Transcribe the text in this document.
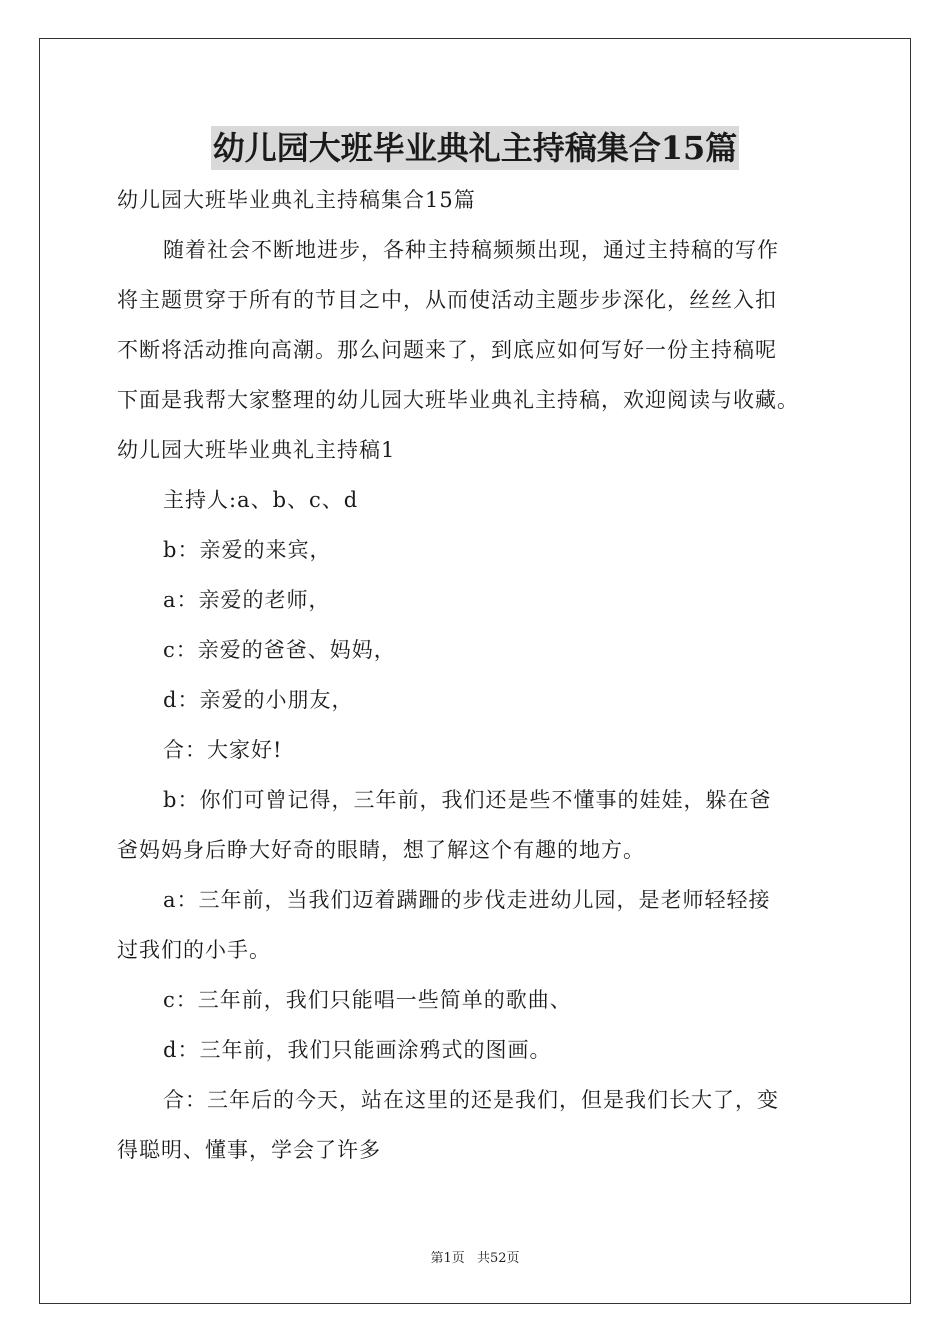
幼儿园大班毕业典礼主持稿集合15篇
幼儿园大班毕业典礼主持稿集合15篇
随着社会不断地进步，各种主持稿频频出现，通过主持稿的写作
将主题贯穿于所有的节目之中，从而使活动主题步步深化，丝丝入扣
不断将活动推向高潮。那么问题来了，到底应如何写好一份主持稿呢
下面是我帮大家整理的幼儿园大班毕业典礼主持稿，欢迎阅读与收藏。
幼儿园大班毕业典礼主持稿1
主持人:a、b、c、d
b：亲爱的来宾，
a：亲爱的老师，
c：亲爱的爸爸、妈妈，
d：亲爱的小朋友，
合：大家好!
b：你们可曾记得，三年前，我们还是些不懂事的娃娃，躲在爸
爸妈妈身后睁大好奇的眼睛，想了解这个有趣的地方。
a：三年前，当我们迈着蹒跚的步伐走进幼儿园，是老师轻轻接
过我们的小手。
c：三年前，我们只能唱一些简单的歌曲、
d：三年前，我们只能画涂鸦式的图画。
合：三年后的今天，站在这里的还是我们，但是我们长大了，变
得聪明、懂事，学会了许多
第1页 共52页
